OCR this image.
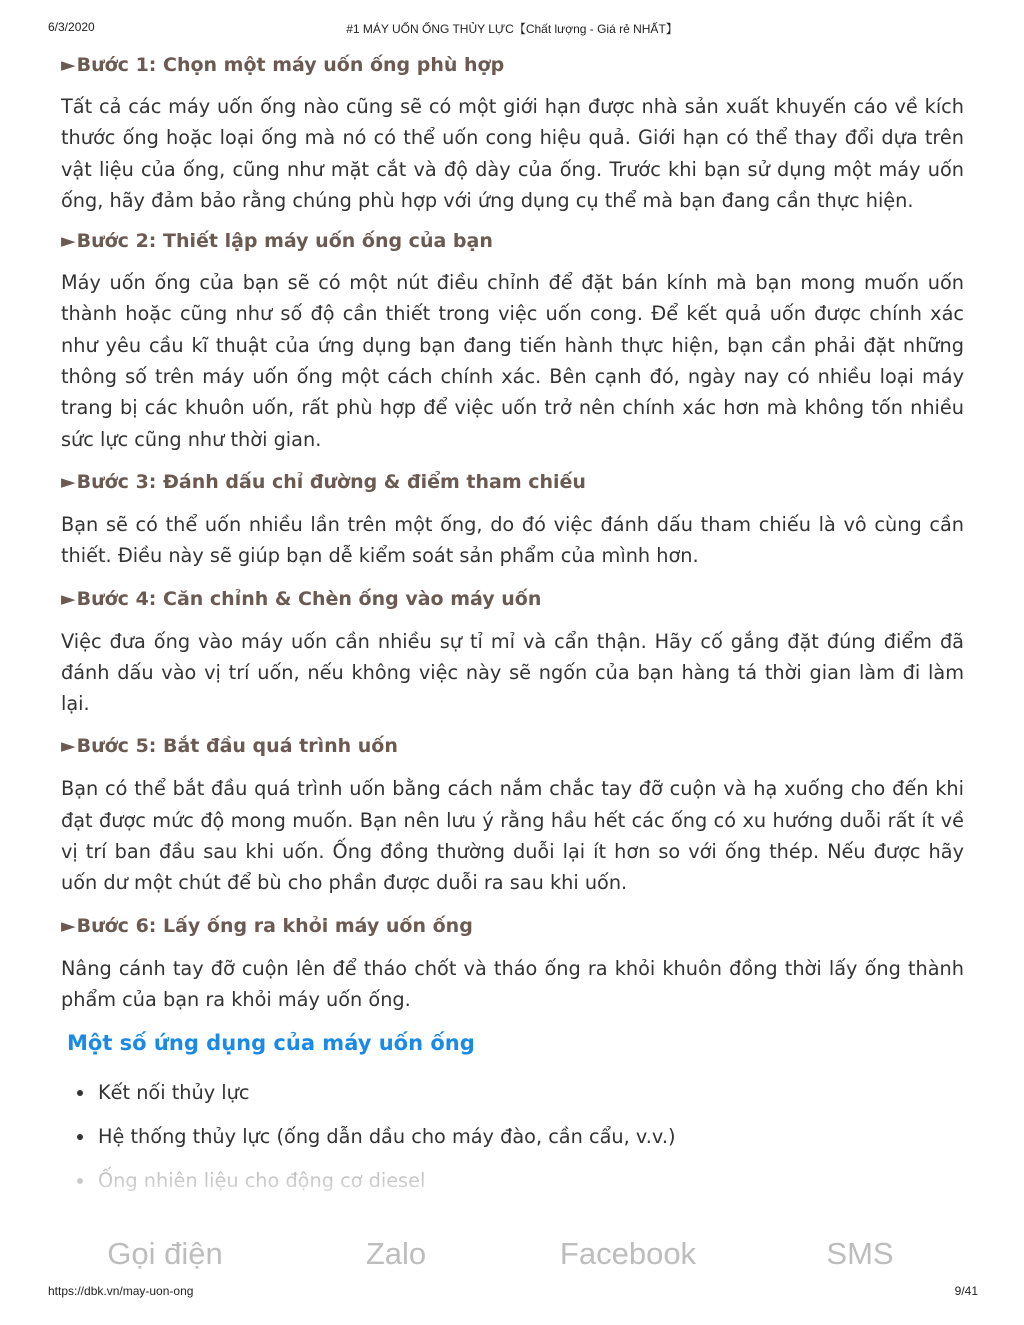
6/3/2020	#1 MÁY UỐN ỐNG THỦY LỰC【Chất lượng - Giá rẻ NHẤT】
►Bước 1: Chọn một máy uốn ống phù hợp

Tất cả các máy uốn ống nào cũng sẽ có một giới hạn được nhà sản xuất khuyến cáo về kích thước ống hoặc loại ống mà nó có thể uốn cong hiệu quả. Giới hạn có thể thay đổi dựa trên vật liệu của ống, cũng như mặt cắt và độ dày của ống. Trước khi bạn sử dụng một máy uốn ống, hãy đảm bảo rằng chúng phù hợp với ứng dụng cụ thể mà bạn đang cần thực hiện.

►Bước 2: Thiết lập máy uốn ống của bạn

Máy uốn ống của bạn sẽ có một nút điều chỉnh để đặt bán kính mà bạn mong muốn uốn thành hoặc cũng như số độ cần thiết trong việc uốn cong. Để kết quả uốn được chính xác như yêu cầu kĩ thuật của ứng dụng bạn đang tiến hành thực hiện, bạn cần phải đặt những thông số trên máy uốn ống một cách chính xác. Bên cạnh đó, ngày nay có nhiều loại máy trang bị các khuôn uốn, rất phù hợp để việc uốn trở nên chính xác hơn mà không tốn nhiều sức lực cũng như thời gian.

►Bước 3: Đánh dấu chỉ đường & điểm tham chiếu

Bạn sẽ có thể uốn nhiều lần trên một ống, do đó việc đánh dấu tham chiếu là vô cùng cần thiết. Điều này sẽ giúp bạn dễ kiểm soát sản phẩm của mình hơn.

►Bước 4: Căn chỉnh & Chèn ống vào máy uốn

Việc đưa ống vào máy uốn cần nhiều sự tỉ mỉ và cẩn thận. Hãy cố gắng đặt đúng điểm đã đánh dấu vào vị trí uốn, nếu không việc này sẽ ngốn của bạn hàng tá thời gian làm đi làm lại.

►Bước 5: Bắt đầu quá trình uốn

Bạn có thể bắt đầu quá trình uốn bằng cách nắm chắc tay đỡ cuộn và hạ xuống cho đến khi đạt được mức độ mong muốn. Bạn nên lưu ý rằng hầu hết các ống có xu hướng duỗi rất ít về vị trí ban đầu sau khi uốn. Ống đồng thường duỗi lại ít hơn so với ống thép. Nếu được hãy uốn dư một chút để bù cho phần được duỗi ra sau khi uốn.

►Bước 6: Lấy ống ra khỏi máy uốn ống

Nâng cánh tay đỡ cuộn lên để tháo chốt và tháo ống ra khỏi khuôn đồng thời lấy ống thành phẩm của bạn ra khỏi máy uốn ống.

Một số ứng dụng của máy uốn ống
Kết nối thủy lực
Hệ thống thủy lực (ống dẫn dầu cho máy đào, cần cẩu, v.v.)
Gọi điện	Zalo	Facebook	SMS
https://dbk.vn/may-uon-ong	9/41
